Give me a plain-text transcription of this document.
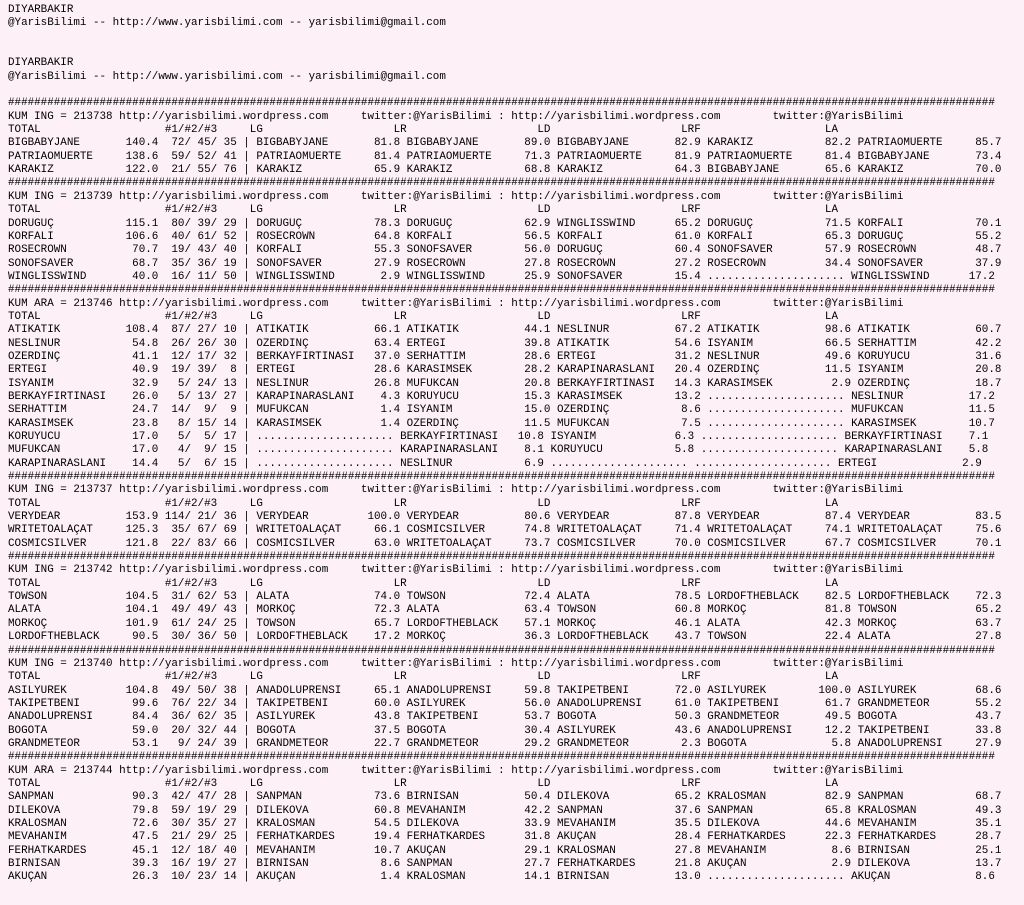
DIYARBAKIR
@YarisBilimi -- http://www.yarisbilimi.com -- yarisbilimi@gmail.com
DIYARBAKIR
@YarisBilimi -- http://www.yarisbilimi.com -- yarisbilimi@gmail.com
#######################################################################################################################################################
KUM ING = 213738 http://yarisbilimi.wordpress.com     twitter:@YarisBilimi : http://yarisbilimi.wordpress.com        twitter:@YarisBilimi
TOTAL                   #1/#2/#3     LG                    LR                    LD                    LRF                   LA
BIGBABYJANE       140.4  72/ 45/ 35 | BIGBABYJANE       81.8 BIGBABYJANE       89.0 BIGBABYJANE       82.9 KARAKIZ           82.2 PATRIAOMUERTE     85.7
PATRIAOMUERTE     138.6  59/ 52/ 41 | PATRIAOMUERTE     81.4 PATRIAOMUERTE     71.3 PATRIAOMUERTE     81.9 PATRIAOMUERTE     81.4 BIGBABYJANE       73.4
KARAKIZ           122.0  21/ 55/ 76 | KARAKIZ           65.9 KARAKIZ           68.8 KARAKIZ           64.3 BIGBABYJANE       65.6 KARAKIZ           70.0
#######################################################################################################################################################
KUM ING = 213739 http://yarisbilimi.wordpress.com     twitter:@YarisBilimi : http://yarisbilimi.wordpress.com        twitter:@YarisBilimi
TOTAL                   #1/#2/#3     LG                    LR                    LD                    LRF                   LA
DORUGÜÇ           115.1  80/ 39/ 29 | DORUGÜÇ           78.3 DORUGÜÇ           62.9 WINGLISSWIND      65.2 DORUGÜÇ           71.5 KORFALI           70.1
KORFALI           106.6  40/ 61/ 52 | ROSECROWN         64.8 KORFALI           56.5 KORFALI           61.0 KORFALI           65.3 DORUGÜÇ           55.2
ROSECROWN          70.7  19/ 43/ 40 | KORFALI           55.3 SONOFSAVER        56.0 DORUGÜÇ           60.4 SONOFSAVER        57.9 ROSECROWN         48.7
SONOFSAVER         68.7  35/ 36/ 19 | SONOFSAVER        27.9 ROSECROWN         27.8 ROSECROWN         27.2 ROSECROWN         34.4 SONOFSAVER        37.9
WINGLISSWIND       40.0  16/ 11/ 50 | WINGLISSWIND       2.9 WINGLISSWIND      25.9 SONOFSAVER        15.4 ..................... WINGLISSWIND      17.2
#######################################################################################################################################################
KUM ARA = 213746 http://yarisbilimi.wordpress.com     twitter:@YarisBilimi : http://yarisbilimi.wordpress.com        twitter:@YarisBilimi
TOTAL                   #1/#2/#3     LG                    LR                    LD                    LRF                   LA
ATIKATIK          108.4  87/ 27/ 10 | ATIKATIK          66.1 ATIKATIK          44.1 NESLINUR          67.2 ATIKATIK          98.6 ATIKATIK          60.7
NESLINUR           54.8  26/ 26/ 30 | ÖZERDINÇ          63.4 ERTEGI            39.8 ATIKATIK          54.6 ISYANIM           66.5 SERHATTIM         42.2
ÖZERDINÇ           41.1  12/ 17/ 32 | BERKAYFIRTINASI   37.0 SERHATTIM         28.6 ERTEGI            31.2 NESLINUR          49.6 KORUYUCU          31.6
ERTEGI             40.9  19/ 39/  8 | ERTEGI            28.6 KARASIMSEK        28.2 KARAPINARASLANI   20.4 ÖZERDINÇ          11.5 ISYANIM           20.8
ISYANIM            32.9   5/ 24/ 13 | NESLINUR          26.8 MUFUKCAN          20.8 BERKAYFIRTINASI   14.3 KARASIMSEK         2.9 ÖZERDINÇ          18.7
BERKAYFIRTINASI    26.0   5/ 13/ 27 | KARAPINARASLANI    4.3 KORUYUCU          15.3 KARASIMSEK        13.2 ..................... NESLINUR          17.2
SERHATTIM          24.7  14/  9/  9 | MUFUKCAN           1.4 ISYANIM           15.0 ÖZERDINÇ           8.6 ..................... MUFUKCAN          11.5
KARASIMSEK         23.8   8/ 15/ 14 | KARASIMSEK         1.4 ÖZERDINÇ          11.5 MUFUKCAN           7.5 ..................... KARASIMSEK        10.7
KORUYUCU           17.0   5/  5/ 17 | ..................... BERKAYFIRTINASI   10.8 ISYANIM            6.3 ..................... BERKAYFIRTINASI    7.1
MUFUKCAN           17.0   4/  9/ 15 | ..................... KARAPINARASLANI    8.1 KORUYUCU           5.8 ..................... KARAPINARASLANI    5.8
KARAPINARASLANI    14.4   5/  6/ 15 | ..................... NESLINUR           6.9 ..................... ..................... ERTEGI             2.9
#######################################################################################################################################################
KUM ING = 213737 http://yarisbilimi.wordpress.com     twitter:@YarisBilimi : http://yarisbilimi.wordpress.com        twitter:@YarisBilimi
TOTAL                   #1/#2/#3     LG                    LR                    LD                    LRF                   LA
VERYDEAR          153.9 114/ 21/ 36 | VERYDEAR         100.0 VERYDEAR          80.6 VERYDEAR          87.8 VERYDEAR          87.4 VERYDEAR          83.5
WRITETOALAÇAT     125.3  35/ 67/ 69 | WRITETOALAÇAT     66.1 COSMICSILVER      74.8 WRITETOALAÇAT     71.4 WRITETOALAÇAT     74.1 WRITETOALAÇAT     75.6
COSMICSILVER      121.8  22/ 83/ 66 | COSMICSILVER      63.0 WRITETOALAÇAT     73.7 COSMICSILVER      70.0 COSMICSILVER      67.7 COSMICSILVER      70.1
#######################################################################################################################################################
KUM ING = 213742 http://yarisbilimi.wordpress.com     twitter:@YarisBilimi : http://yarisbilimi.wordpress.com        twitter:@YarisBilimi
TOTAL                   #1/#2/#3     LG                    LR                    LD                    LRF                   LA
TOWSON            104.5  31/ 62/ 53 | ALATA             74.0 TOWSON            72.4 ALATA             78.5 LORDOFTHEBLACK    82.5 LORDOFTHEBLACK    72.3
ALATA             104.1  49/ 49/ 43 | MORKOÇ            72.3 ALATA             63.4 TOWSON            60.8 MORKOÇ            81.8 TOWSON            65.2
MORKOÇ            101.9  61/ 24/ 25 | TOWSON            65.7 LORDOFTHEBLACK    57.1 MORKOÇ            46.1 ALATA             42.3 MORKOÇ            63.7
LORDOFTHEBLACK     90.5  30/ 36/ 50 | LORDOFTHEBLACK    17.2 MORKOÇ            36.3 LORDOFTHEBLACK    43.7 TOWSON            22.4 ALATA             27.8
#######################################################################################################################################################
KUM ING = 213740 http://yarisbilimi.wordpress.com     twitter:@YarisBilimi : http://yarisbilimi.wordpress.com        twitter:@YarisBilimi
TOTAL                   #1/#2/#3     LG                    LR                    LD                    LRF                   LA
ASILYÜREK         104.8  49/ 50/ 38 | ANADOLUPRENSI     65.1 ANADOLUPRENSI     59.8 TAKIPETBENI       72.0 ASILYÜREK        100.0 ASILYÜREK         68.6
TAKIPETBENI        99.6  76/ 22/ 34 | TAKIPETBENI       60.0 ASILYÜREK         56.0 ANADOLUPRENSI     61.0 TAKIPETBENI       61.7 GRANDMETEOR       55.2
ANADOLUPRENSI      84.4  36/ 62/ 35 | ASILYÜREK         43.8 TAKIPETBENI       53.7 BOGOTA            50.3 GRANDMETEOR       49.5 BOGOTA            43.7
BOGOTA             59.0  20/ 32/ 44 | BOGOTA            37.5 BOGOTA            30.4 ASILYÜREK         43.6 ANADOLUPRENSI     12.2 TAKIPETBENI       33.8
GRANDMETEOR        53.1   9/ 24/ 39 | GRANDMETEOR       22.7 GRANDMETEOR       29.2 GRANDMETEOR        2.3 BOGOTA             5.8 ANADOLUPRENSI     27.9
#######################################################################################################################################################
KUM ARA = 213744 http://yarisbilimi.wordpress.com     twitter:@YarisBilimi : http://yarisbilimi.wordpress.com        twitter:@YarisBilimi
TOTAL                   #1/#2/#3     LG                    LR                    LD                    LRF                   LA
SANPMAN            90.3  42/ 47/ 28 | SANPMAN           73.6 BIRNISAN          50.4 DILEKOVA          65.2 KRALOSMAN         82.9 SANPMAN           68.7
DILEKOVA           79.8  59/ 19/ 29 | DILEKOVA          60.8 MEVAHANIM         42.2 SANPMAN           37.6 SANPMAN           65.8 KRALOSMAN         49.3
KRALOSMAN          72.6  30/ 35/ 27 | KRALOSMAN         54.5 DILEKOVA          33.9 MEVAHANIM         35.5 DILEKOVA          44.6 MEVAHANIM         35.1
MEVAHANIM          47.5  21/ 29/ 25 | FERHATKARDES      19.4 FERHATKARDES      31.8 AKUÇAN            28.4 FERHATKARDES      22.3 FERHATKARDES      28.7
FERHATKARDES       45.1  12/ 18/ 40 | MEVAHANIM         10.7 AKUÇAN            29.1 KRALOSMAN         27.8 MEVAHANIM          8.6 BIRNISAN          25.1
BIRNISAN           39.3  16/ 19/ 27 | BIRNISAN           8.6 SANPMAN           27.7 FERHATKARDES      21.8 AKUÇAN             2.9 DILEKOVA          13.7
AKUÇAN             26.3  10/ 23/ 14 | AKUÇAN             1.4 KRALOSMAN         14.1 BIRNISAN          13.0 ..................... AKUÇAN             8.6
